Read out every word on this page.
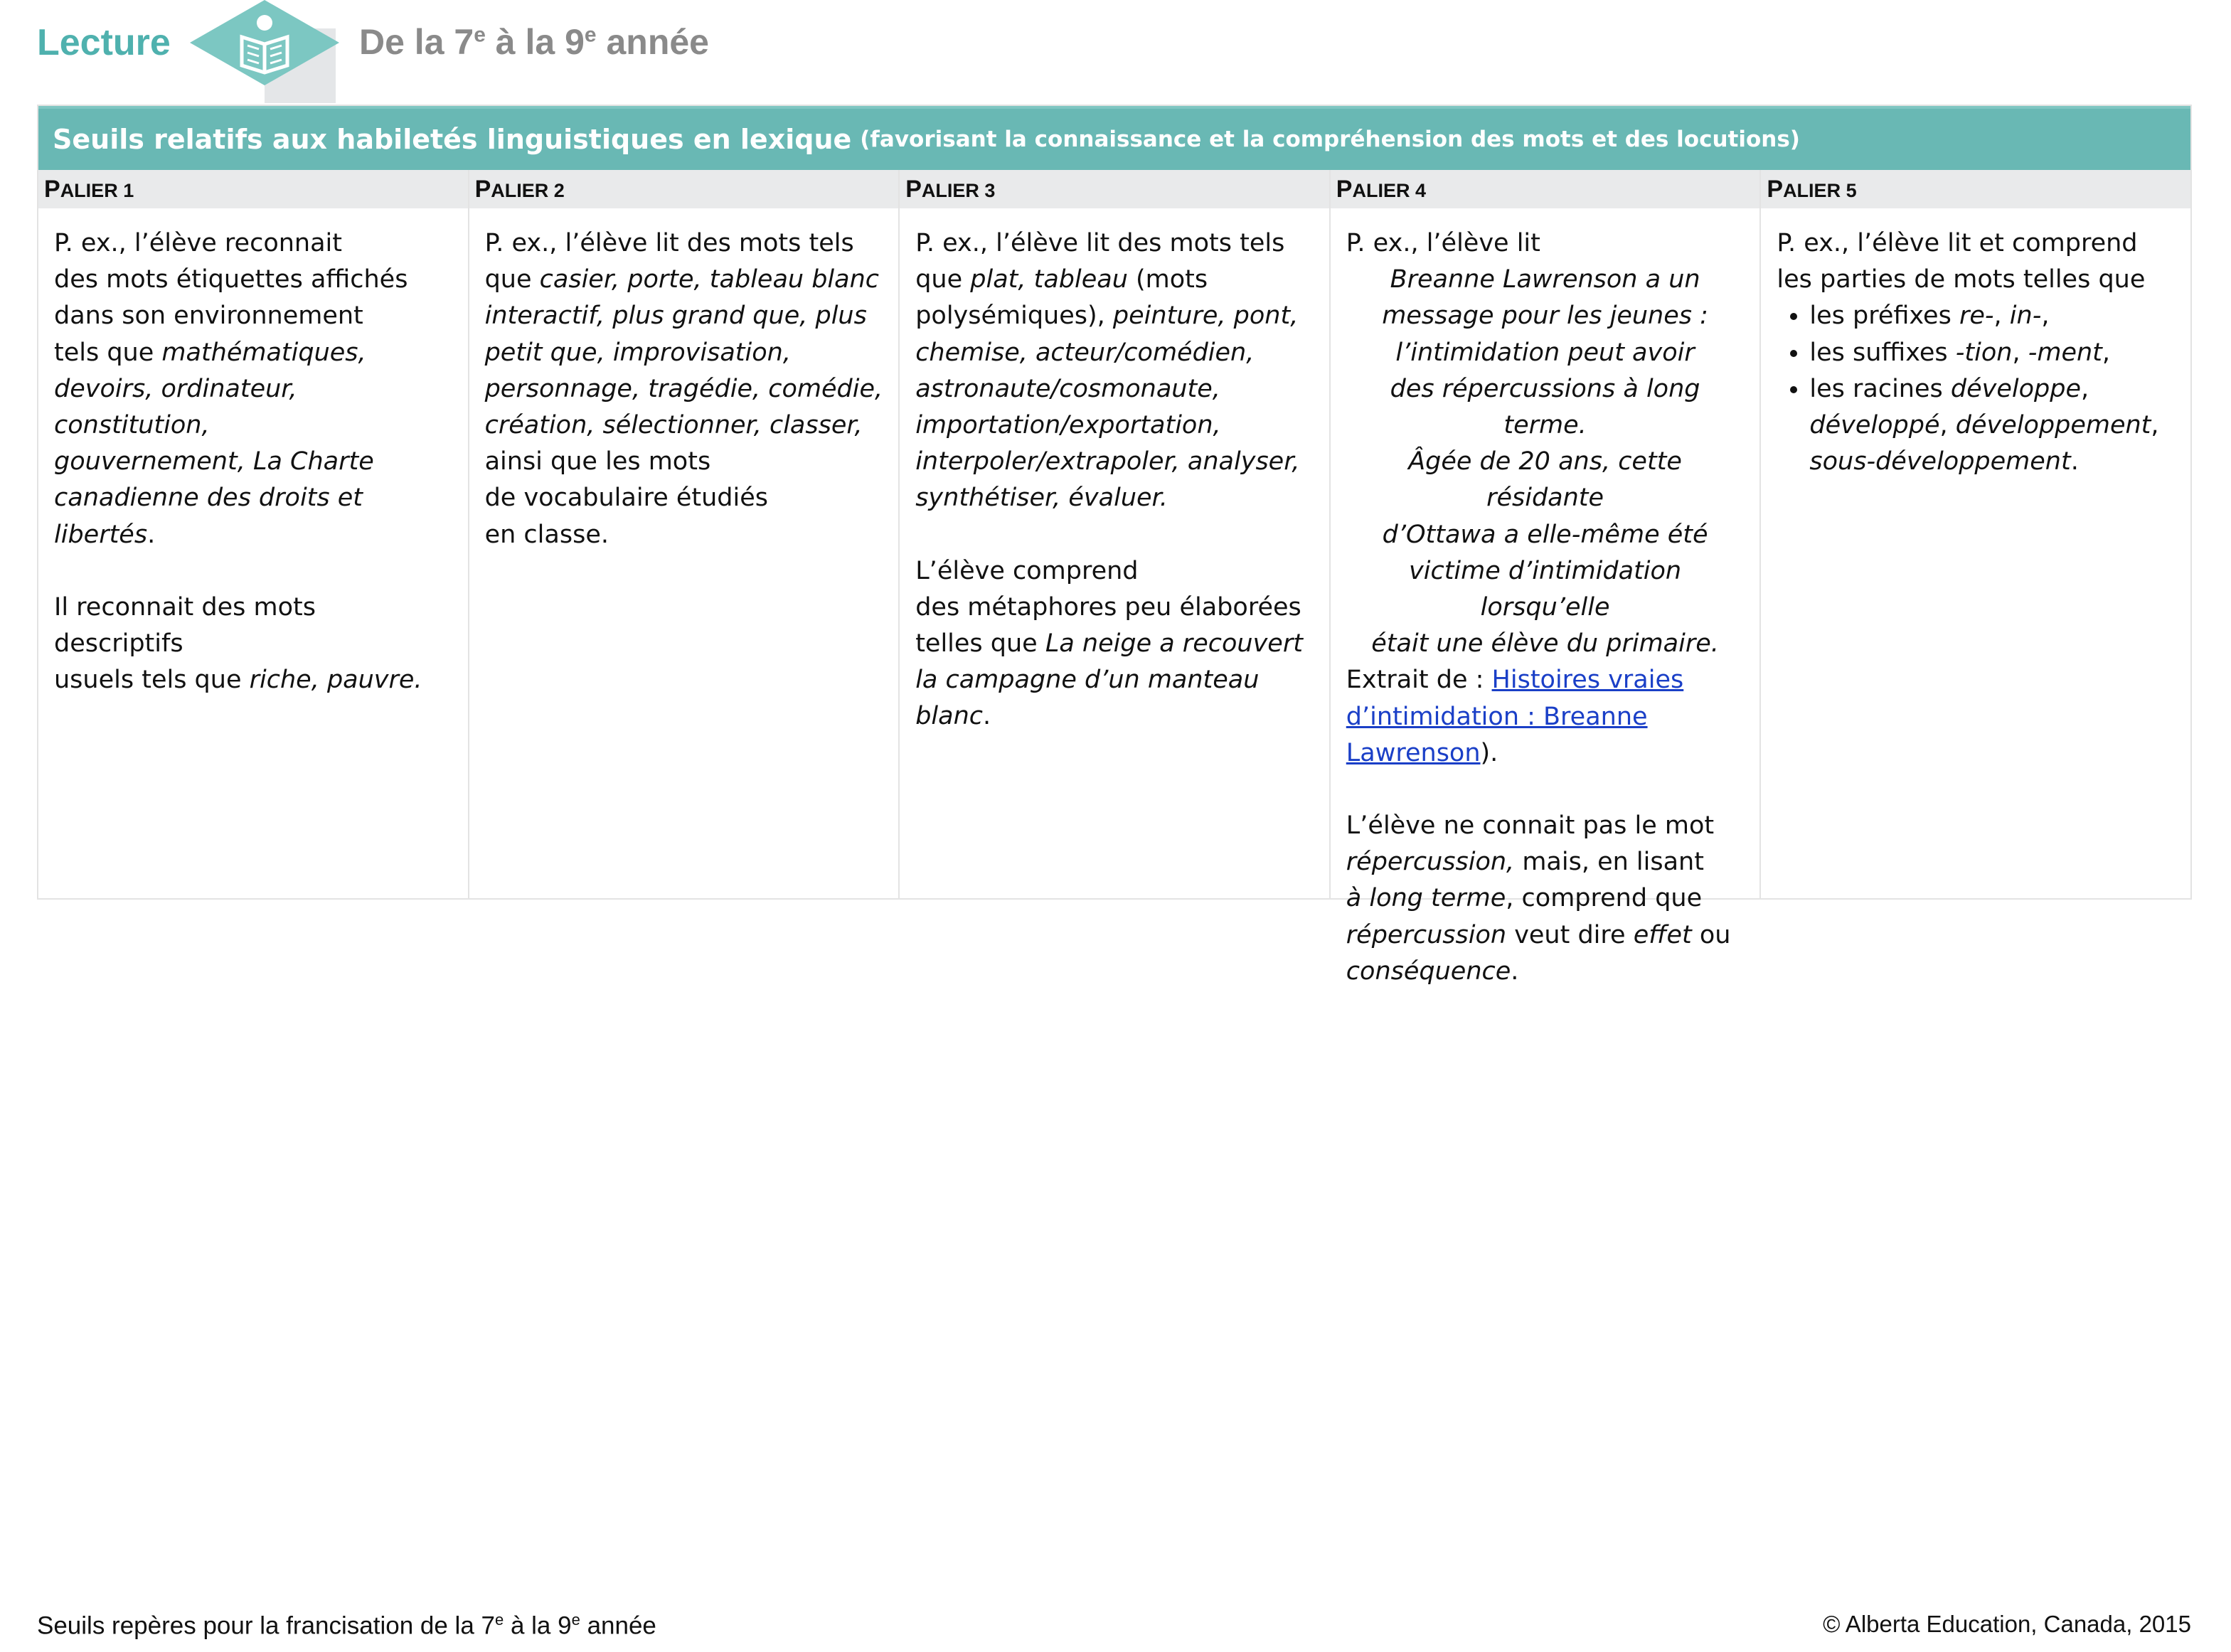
Lecture	De la 7e à la 9e année
Seuils relatifs aux habiletés linguistiques en lexique (favorisant la connaissance et la compréhension des mots et des locutions)
PALIER 1

P. ex., l’élève reconnait

des mots étiquettes affichés

dans son environnement

tels que mathématiques,

devoirs, ordinateur, constitution,

gouvernement, La Charte

canadienne des droits et

libertés.

Il reconnait des mots descriptifs

usuels tels que riche, pauvre.

PALIER 2

P. ex., l’élève lit des mots tels

que casier, porte, tableau blanc

interactif, plus grand que, plus

petit que, improvisation,

personnage, tragédie, comédie,

création, sélectionner, classer,

ainsi que les mots

de vocabulaire étudiés

en classe.

PALIER 3

P. ex., l’élève lit des mots tels

que plat, tableau (mots

polysémiques), peinture, pont,

chemise, acteur/comédien,

astronaute/cosmonaute,

importation/exportation,

interpoler/extrapoler, analyser,

synthétiser, évaluer.

L’élève comprend

des métaphores peu élaborées

telles que La neige a recouvert

la campagne d’un manteau

blanc.

PALIER 4

P. ex., l’élève lit

Breanne Lawrenson a un

message pour les jeunes :

l’intimidation peut avoir

des répercussions à long terme.

Âgée de 20 ans, cette résidante

d’Ottawa a elle-même été

victime d’intimidation lorsqu’elle

était une élève du primaire.

Extrait de : Histoires vraies

d’intimidation : Breanne

Lawrenson).

L’élève ne connait pas le mot

répercussion, mais, en lisant

à long terme, comprend que

répercussion veut dire effet ou

conséquence.

PALIER 5

P. ex., l’élève lit et comprend

les parties de mots telles que

• les préfixes re-, in-,
• les suffixes -tion, -ment,
• les racines développe,
développé, développement,
sous-développement.
Seuils repères pour la francisation de la 7e à la 9e année	© Alberta Education, Canada, 2015
